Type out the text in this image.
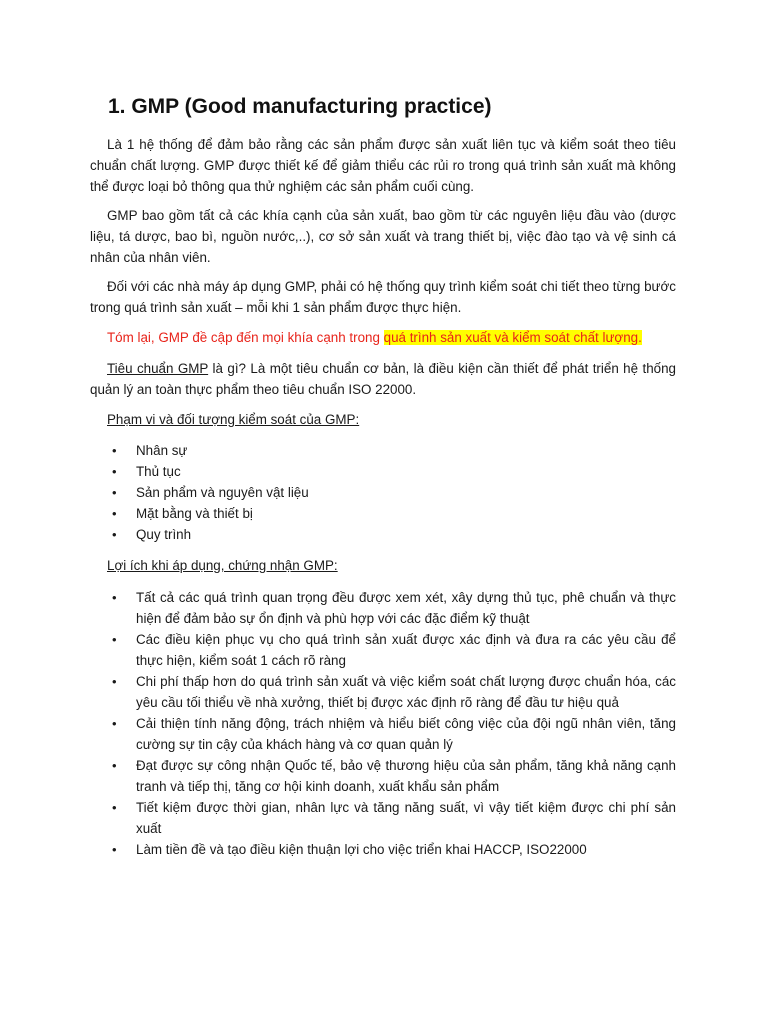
1. GMP (Good manufacturing practice)

Là 1 hệ thống để đảm bảo rằng các sản phẩm được sản xuất liên tục và kiểm soát theo tiêu chuẩn chất lượng. GMP được thiết kế để giảm thiểu các rủi ro trong quá trình sản xuất mà không thể được loại bỏ thông qua thử nghiệm các sản phẩm cuối cùng.

GMP bao gồm tất cả các khía cạnh của sản xuất, bao gồm từ các nguyên liệu đầu vào (dược liệu, tá dược, bao bì, nguồn nước,..), cơ sở sản xuất và trang thiết bị, việc đào tạo và vệ sinh cá nhân của nhân viên.

Đối với các nhà máy áp dụng GMP, phải có hệ thống quy trình kiểm soát chi tiết theo từng bước trong quá trình sản xuất – mỗi khi 1 sản phẩm được thực hiện.

Tóm lại, GMP đề cập đến mọi khía cạnh trong quá trình sản xuất và kiểm soát chất lượng.

Tiêu chuẩn GMP là gì? Là một tiêu chuẩn cơ bản, là điều kiện cần thiết để phát triển hệ thống quản lý an toàn thực phẩm theo tiêu chuẩn ISO 22000.

Phạm vi và đối tượng kiểm soát của GMP:

•	Nhân sự
•	Thủ tục
•	Sản phẩm và nguyên vật liệu
•	Mặt bằng và thiết bị
•	Quy trình

Lợi ích khi áp dụng, chứng nhận GMP:

•	Tất cả các quá trình quan trọng đều được xem xét, xây dựng thủ tục, phê chuẩn và thực hiện để đảm bảo sự ổn định và phù hợp với các đặc điểm kỹ thuật
•	Các điều kiện phục vụ cho quá trình sản xuất được xác định và đưa ra các yêu cầu để thực hiện, kiểm soát 1 cách rõ ràng
•	Chi phí thấp hơn do quá trình sản xuất và việc kiểm soát chất lượng được chuẩn hóa, các yêu cầu tối thiểu về nhà xưởng, thiết bị được xác định rõ ràng để đầu tư hiệu quả
•	Cải thiện tính năng động, trách nhiệm và hiểu biết công việc của đội ngũ nhân viên, tăng cường sự tin cậy của khách hàng và cơ quan quản lý
•	Đạt được sự công nhận Quốc tế, bảo vệ thương hiệu của sản phẩm, tăng khả năng cạnh tranh và tiếp thị, tăng cơ hội kinh doanh, xuất khẩu sản phẩm
•	Tiết kiệm được thời gian, nhân lực và tăng năng suất, vì vậy tiết kiệm được chi phí sản xuất
•	Làm tiền đề và tạo điều kiện thuận lợi cho việc triển khai HACCP, ISO22000
